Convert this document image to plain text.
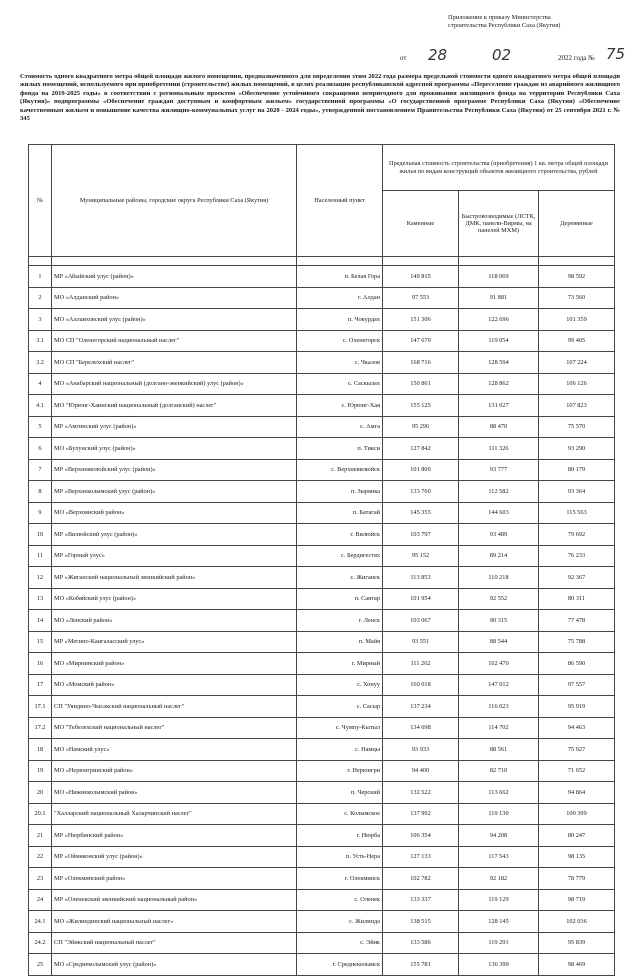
Приложение к приказу Министерства
строительства Республики Саха (Якутия)
от 28	02	2022 года № 75
Стоимость одного квадратного метра общей площади жилого помещения, предназначенного для определения этим 2022 года размера предельной стоимости одного квадратного метра общей площади жилых помещений, используемого при приобретении (строительстве) жилых помещений, в целях реализации республиканской адресной программы «Переселение граждан из аварийного жилищного фонда на 2019-2025 годы» в соответствии с региональным проектом «Обеспечение устойчивого сокращения непригодного для проживания жилищного фонда на территории Республики Саха (Якутия)» подпрограммы «Обеспечение граждан доступным и комфортным жильем» государственной программы «О государственной программе Республики Саха (Якутия) «Обеспечение качественным жильем и повышение качества жилищно-коммунальных услуг на 2020 - 2024 годы», утвержденной постановлением Правительства Республики Саха (Якутия) от 25 сентября 2021 г. № 345
№	Муниципальные районы, городские округа Республики Саха (Якутия)	Населенный пункт	Предельная стоимость строительства (приобретения) 1 кв. метра общей площади жилья по видам конструкций объектов жилищного строительства, рублей		
			Каменные	Быстровозводимые (ЛСТК, ДМК, панели-Вирмы, на панелей МХМ)	Деревянные

1	МР «Абыйский улус (район)»	п. Белая Гора	149 815	118 069	98 592
2	МО «Алданский район»	г. Алдан	97 553	91 881	73 560
3	МО «Аллаиховский улус (район)»	п. Чокурдах	151 306	122 696	101 359
3.1	МО СП "Оленегорский национальный наслег"	с. Оленегорск	147 670	119 054	99 405
3.2	МО СП "Берелехский наслег"	с. Чкалов	168 716	128 594	107 224
4	МО «Анабарский национальный (долгано-эвенкийский) улус (район)»	с. Саскылах	150 861	128 862	106 126
4.1	МО "Юрюнг-Хаинский национальный (долганский) наслег"	с. Юрюнг-Хая	155 125	131 027	107 823
5	МР «Амгинский улус (район)»	с. Амга	95 296	88 470	75 570
6	МО «Булунский улус (район)»	п. Тикси	127 842	111 326	93 290
7	МР «Верхневилюйский улус (район)»	с. Верхневилюйск	101 800	93 777	80 179
8	МР «Верхнеколымский улус (район)»	п. Зырянка	133 760	112 582	93 364
9	МО «Верхоянский район»	п. Батагай	145 355	144 603	115 563
10	МР «Вилюйский улус (район)»	г. Вилюйск	103 797	93 489	79 692
11	МР «Горный улус»	с. Бердигестях	95 152	89 214	76 233
12	МР «Жиганский национальный эвенкийский район»	с. Жиганск	113 853	110 218	92 367
13	МО «Кобяйский улус (район)»	п. Сангар	101 954	92 552	80 311
14	МО «Ленский район»	г. Ленск	103 067	90 315	77 478
15	МР «Мегино-Кангаласский улус»	п. Майя	93 551	88 544	75 788
16	МО «Мирнинский район»	г. Мирный	111 262	102 470	86 590
17	МО «Момский район»	с. Хонуу	160 018	147 012	97 557
17.1	СП "Уяндино-Чысакский национальный наслег"	с. Сасыр	137 234	116 023	95 919
17.2	МО "Тебелехский национальный наслег"	с. Чумпу-Кытыл	134 698	114 702	94 463
18	МО «Намский улус»	с. Намцы	93 933	88 561	75 927
19	МО «Нерюнгринский район»	г. Нерюнгри	94 400	82 710	71 652
20	МО «Нижнеколымский район»	п. Черский	132 522	113 662	94 864
20.1	"Халларский национальный Халарчинский наслег"	с. Колымское	137 992	119 130	100 399
21	МР «Нюрбинский район»	г. Нюрба	106 354	94 208	80 247
22	МР «Оймяконский улус (район)»	п. Усть-Нера	127 133	117 543	98 135
23	МР «Олекминский район»	г. Олекминск	102 782	92 182	78 779
24	МР «Оленекский эвенкийский национальный район»	с. Оленек	133 337	119 129	98 719
24.1	МО «Жилиндинский национальный наслег»	с. Жилинда	138 515	128 145	102 036
24.2	СП "Эйикский национальный наслег"	с. Эйик	133 586	119 291	95 839
25	МО «Среднеколымский улус (район)»	г. Среднеколымск	155 781	136 399	98 469
